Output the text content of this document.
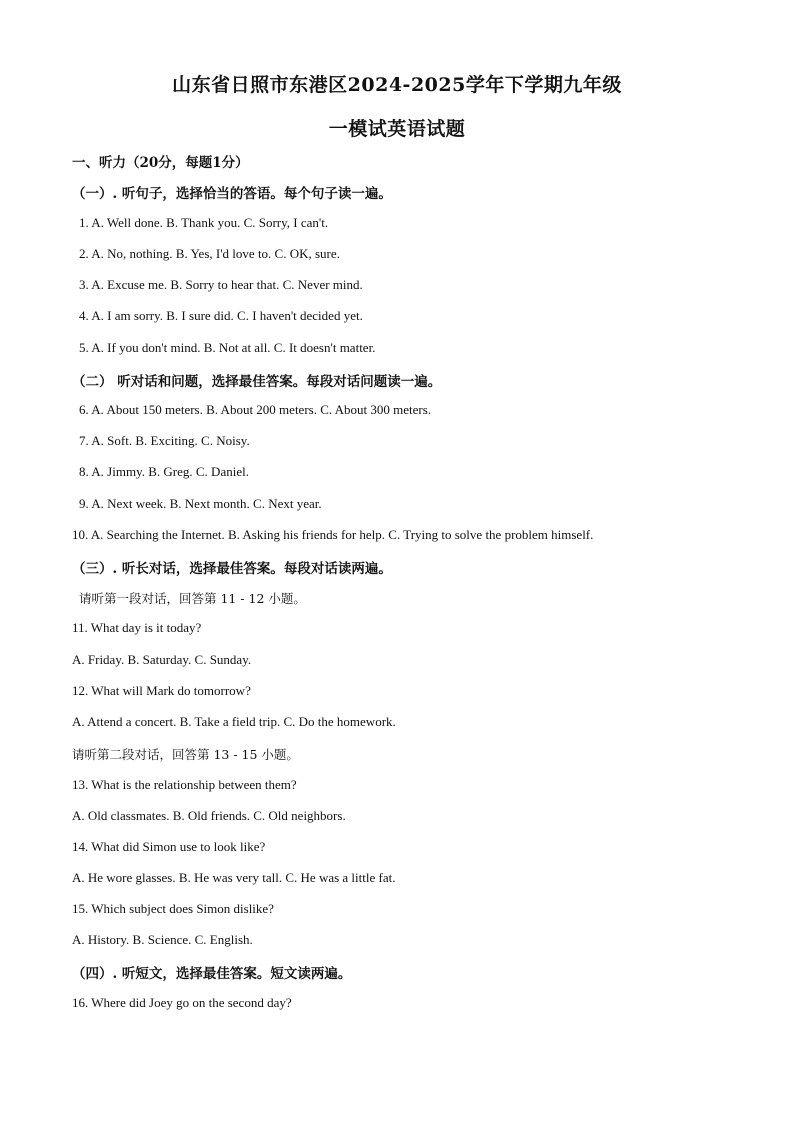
山东省日照市东港区2024-2025学年下学期九年级
一模试英语试题
一、听力（20分，每题1分）
（一）. 听句子，选择恰当的答语。每个句子读一遍。
1. A. Well done. B. Thank you. C. Sorry, I can't.
2. A. No, nothing. B. Yes, I'd love to. C. OK, sure.
3. A. Excuse me. B. Sorry to hear that. C. Never mind.
4. A. I am sorry. B. I sure did. C. I haven't decided yet.
5. A. If you don't mind. B. Not at all. C. It doesn't matter.
（二） 听对话和问题，选择最佳答案。每段对话问题读一遍。
6. A. About 150 meters. B. About 200 meters. C. About 300 meters.
7. A. Soft. B. Exciting. C. Noisy.
8. A. Jimmy. B. Greg. C. Daniel.
9. A. Next week. B. Next month. C. Next year.
10. A. Searching the Internet. B. Asking his friends for help. C. Trying to solve the problem himself.
（三）. 听长对话，选择最佳答案。每段对话读两遍。
请听第一段对话，回答第 11 - 12 小题。
11. What day is it today?
A. Friday. B. Saturday. C. Sunday.
12. What will Mark do tomorrow?
A. Attend a concert. B. Take a field trip. C. Do the homework.
请听第二段对话，回答第 13 - 15 小题。
13. What is the relationship between them?
A. Old classmates. B. Old friends. C. Old neighbors.
14. What did Simon use to look like?
A. He wore glasses. B. He was very tall. C. He was a little fat.
15. Which subject does Simon dislike?
A. History. B. Science. C. English.
（四）. 听短文，选择最佳答案。短文读两遍。
16. Where did Joey go on the second day?
